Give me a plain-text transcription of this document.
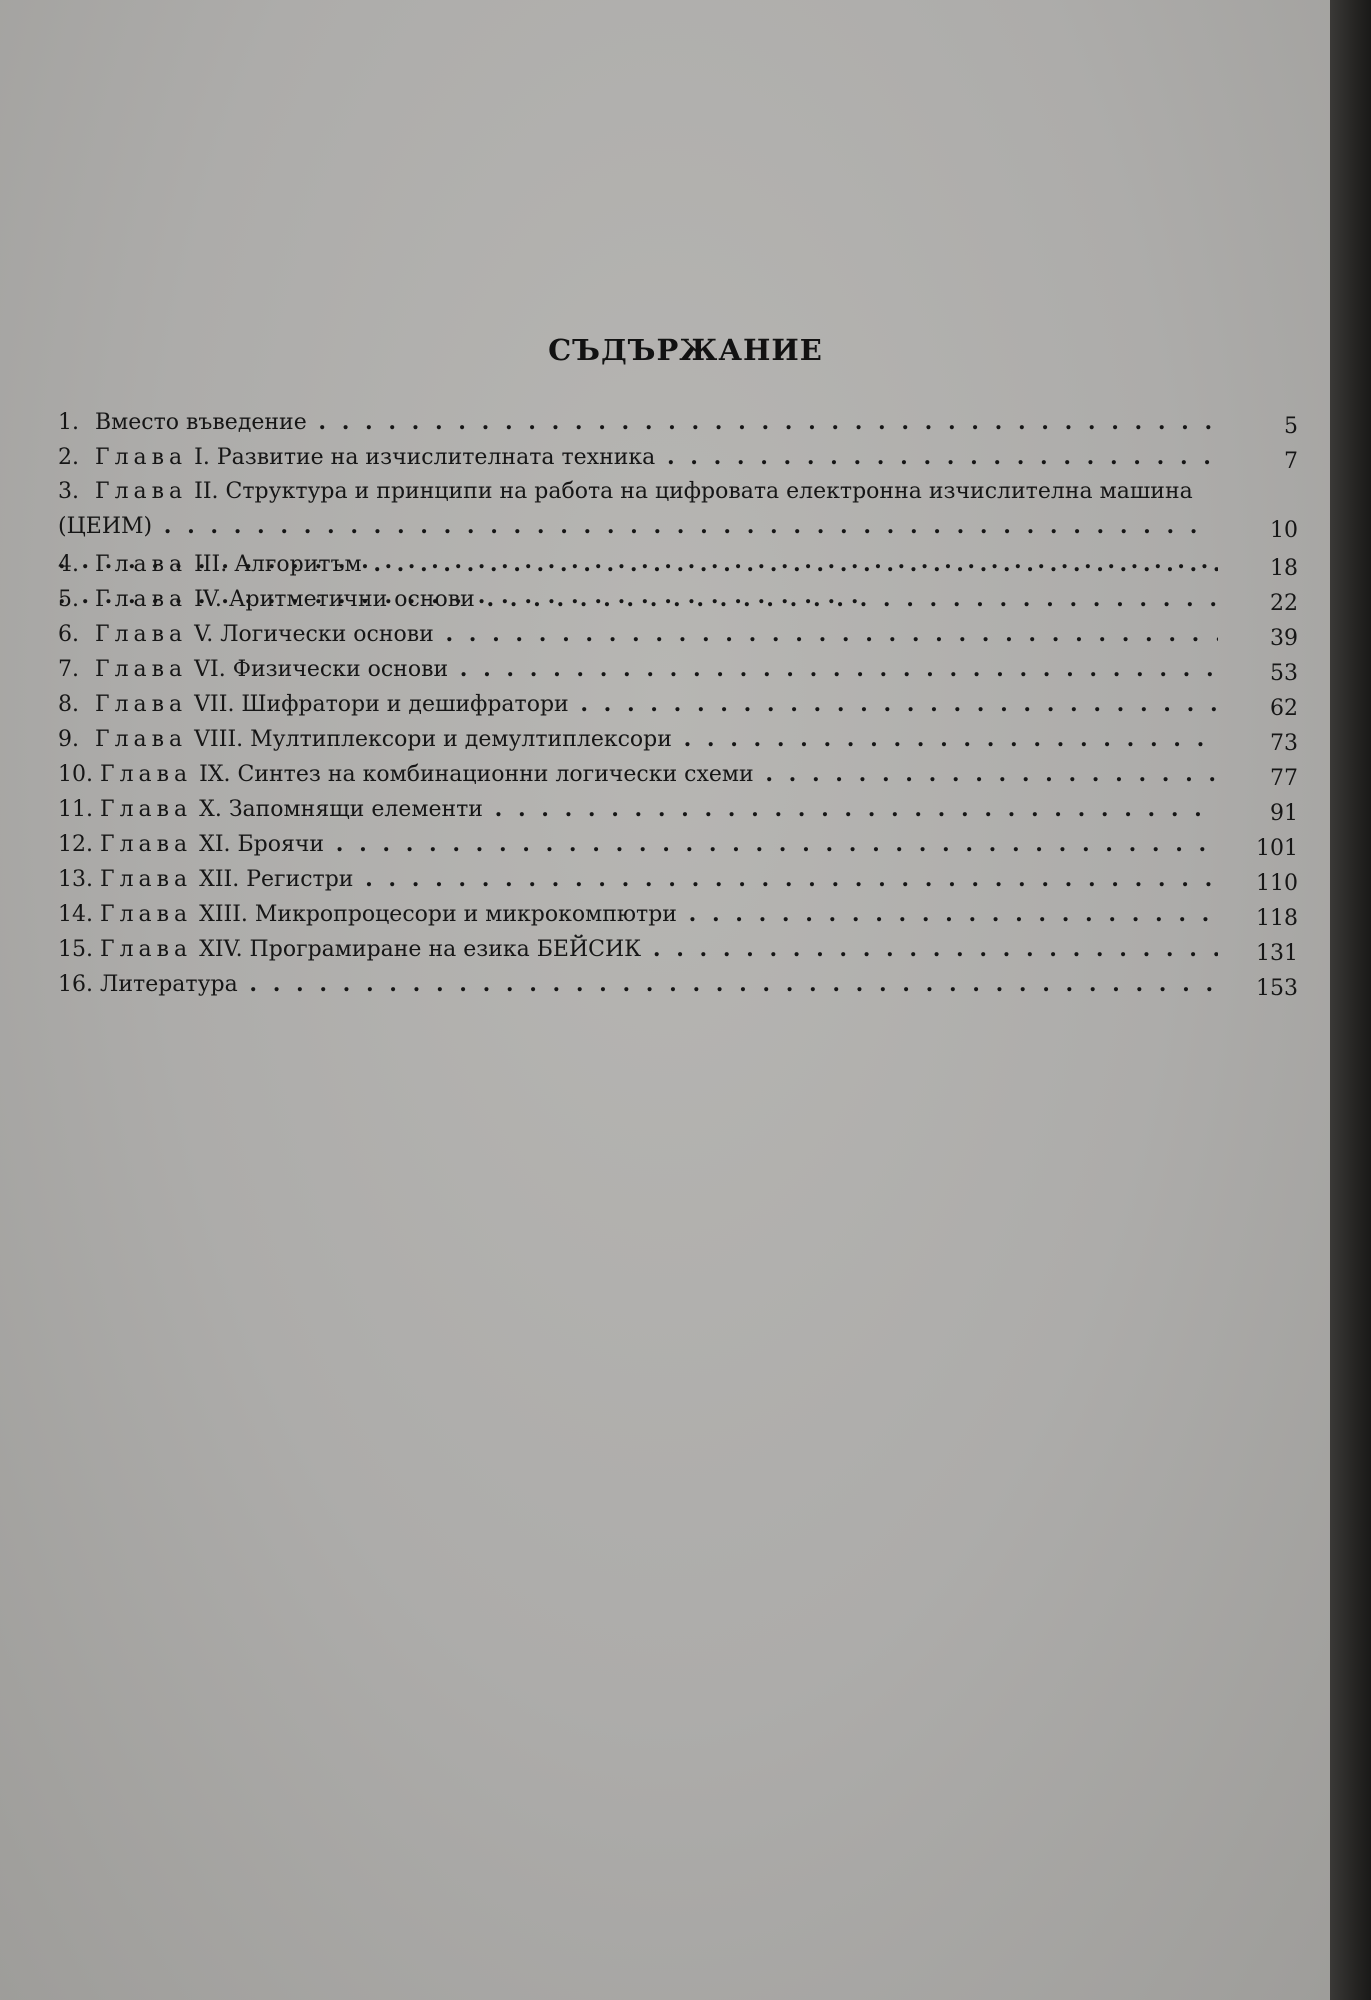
СЪДЪРЖАНИЕ
1. Вместо въведение . . .	5
2. Глава I. Развитие на изчислителната техника . . .	7
3. Глава II. Структура и принципи на работа на цифровата електронна изчислителна машина (ЦЕИМ) . . .	10
4. Глава III. Алгоритъм . . .	18
5. Глава IV. Аритметични основи . . .	22
6. Глава V. Логически основи . . .	39
7. Глава VI. Физически основи . . .	53
8. Глава VII. Шифратори и дешифратори . . .	62
9. Глава VIII. Мултиплексори и демултиплексори . . .	73
10. Глава IX. Синтез на комбинационни логически схеми . . .	77
11. Глава X. Запомнящи елементи . . .	91
12. Глава XI. Броячи . . .	101
13. Глава XII. Регистри . . .	110
14. Глава XIII. Микропроцесори и микрокомпютри . . .	118
15. Глава XIV. Програмиране на езика БЕЙСИК . . .	131
16. Литература . . .	153
